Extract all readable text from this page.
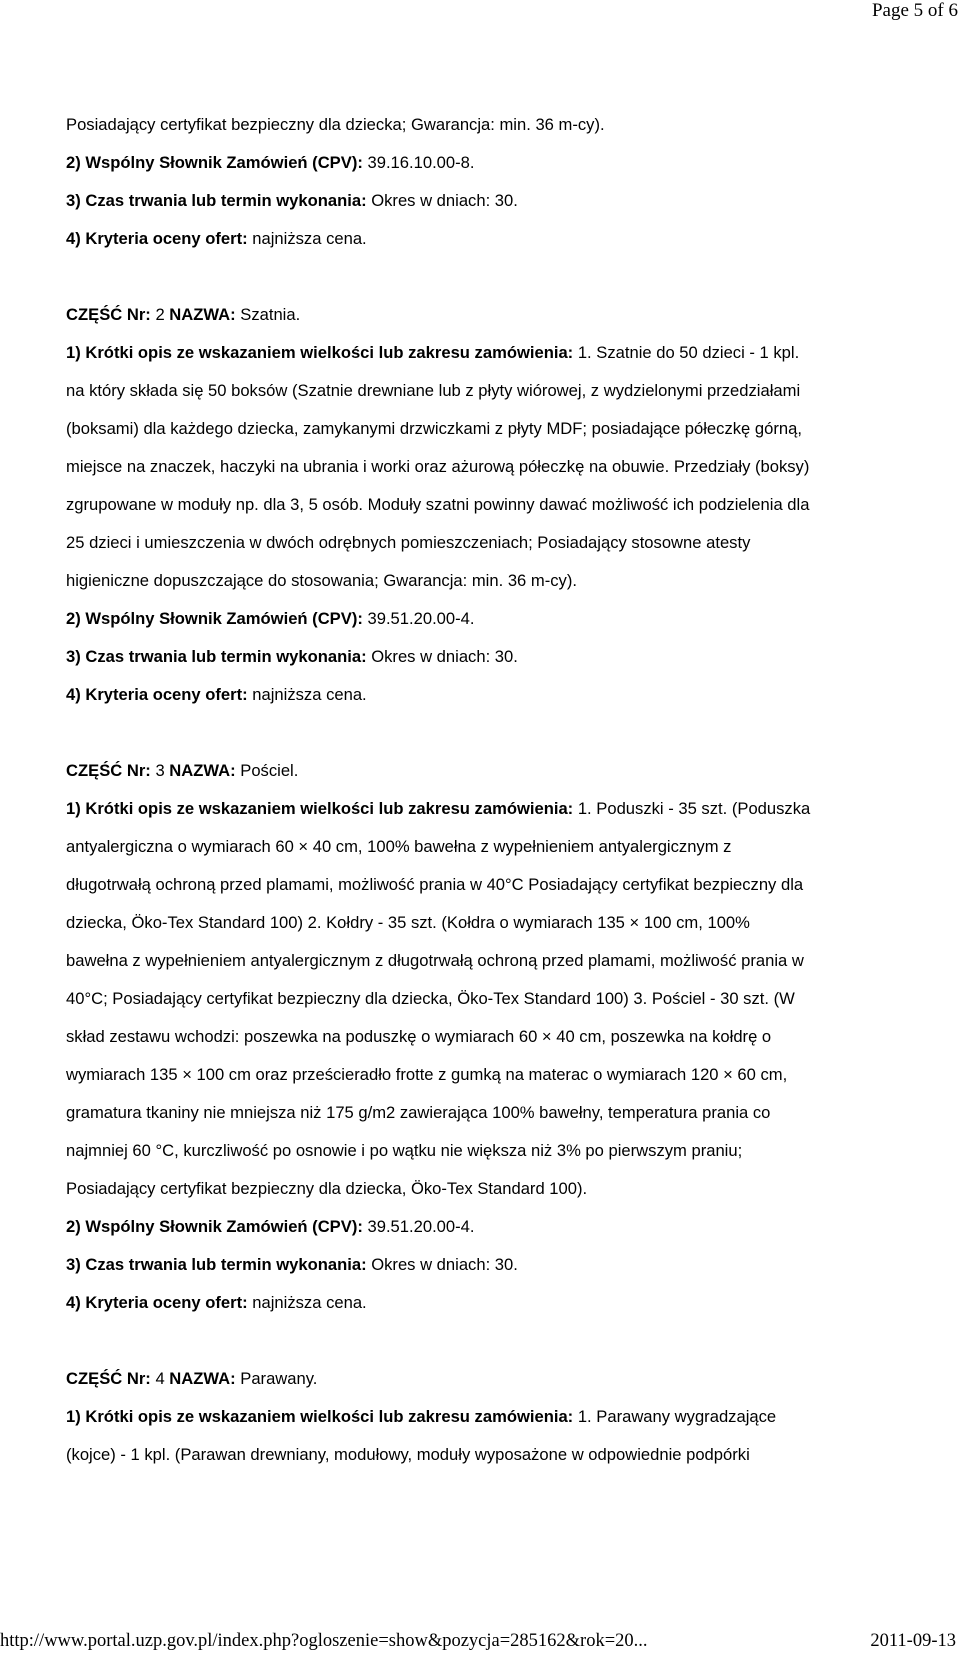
Page 5 of 6
Posiadający certyfikat bezpieczny dla dziecka; Gwarancja: min. 36 m-cy).
2) Wspólny Słownik Zamówień (CPV): 39.16.10.00-8.
3) Czas trwania lub termin wykonania: Okres w dniach: 30.
4) Kryteria oceny ofert: najniższa cena.
CZĘŚĆ Nr: 2 NAZWA: Szatnia.
1) Krótki opis ze wskazaniem wielkości lub zakresu zamówienia: 1. Szatnie do 50 dzieci - 1 kpl.
na który składa się 50 boksów (Szatnie drewniane lub z płyty wiórowej, z wydzielonymi przedziałami
(boksami) dla każdego dziecka, zamykanymi drzwiczkami z płyty MDF; posiadające półeczkę górną,
miejsce na znaczek, haczyki na ubrania i worki oraz ażurową półeczkę na obuwie. Przedziały (boksy)
zgrupowane w moduły np. dla 3, 5 osób. Moduły szatni powinny dawać możliwość ich podzielenia dla
25 dzieci i umieszczenia w dwóch odrębnych pomieszczeniach; Posiadający stosowne atesty
higieniczne dopuszczające do stosowania; Gwarancja: min. 36 m-cy).
2) Wspólny Słownik Zamówień (CPV): 39.51.20.00-4.
3) Czas trwania lub termin wykonania: Okres w dniach: 30.
4) Kryteria oceny ofert: najniższa cena.
CZĘŚĆ Nr: 3 NAZWA: Pościel.
1) Krótki opis ze wskazaniem wielkości lub zakresu zamówienia: 1. Poduszki - 35 szt. (Poduszka
antyalergiczna o wymiarach 60 × 40 cm, 100% bawełna z wypełnieniem antyalergicznym z
długotrwałą ochroną przed plamami, możliwość prania w 40°C Posiadający certyfikat bezpieczny dla
dziecka, Öko-Tex Standard 100) 2. Kołdry - 35 szt. (Kołdra o wymiarach 135 × 100 cm, 100%
bawełna z wypełnieniem antyalergicznym z długotrwałą ochroną przed plamami, możliwość prania w
40°C; Posiadający certyfikat bezpieczny dla dziecka, Öko-Tex Standard 100) 3. Pościel - 30 szt. (W
skład zestawu wchodzi: poszewka na poduszkę o wymiarach 60 × 40 cm, poszewka na kołdrę o
wymiarach 135 × 100 cm oraz prześcieradło frotte z gumką na materac o wymiarach 120 × 60 cm,
gramatura tkaniny nie mniejsza niż 175 g/m2 zawierająca 100% bawełny, temperatura prania co
najmniej 60 °C, kurczliwość po osnowie i po wątku nie większa niż 3% po pierwszym praniu;
Posiadający certyfikat bezpieczny dla dziecka, Öko-Tex Standard 100).
2) Wspólny Słownik Zamówień (CPV): 39.51.20.00-4.
3) Czas trwania lub termin wykonania: Okres w dniach: 30.
4) Kryteria oceny ofert: najniższa cena.
CZĘŚĆ Nr: 4 NAZWA: Parawany.
1) Krótki opis ze wskazaniem wielkości lub zakresu zamówienia: 1. Parawany wygradzające
(kojce) - 1 kpl. (Parawan drewniany, modułowy, moduły wyposażone w odpowiednie podpórki
http://www.portal.uzp.gov.pl/index.php?ogloszenie=show&pozycja=285162&rok=20...	2011-09-13
